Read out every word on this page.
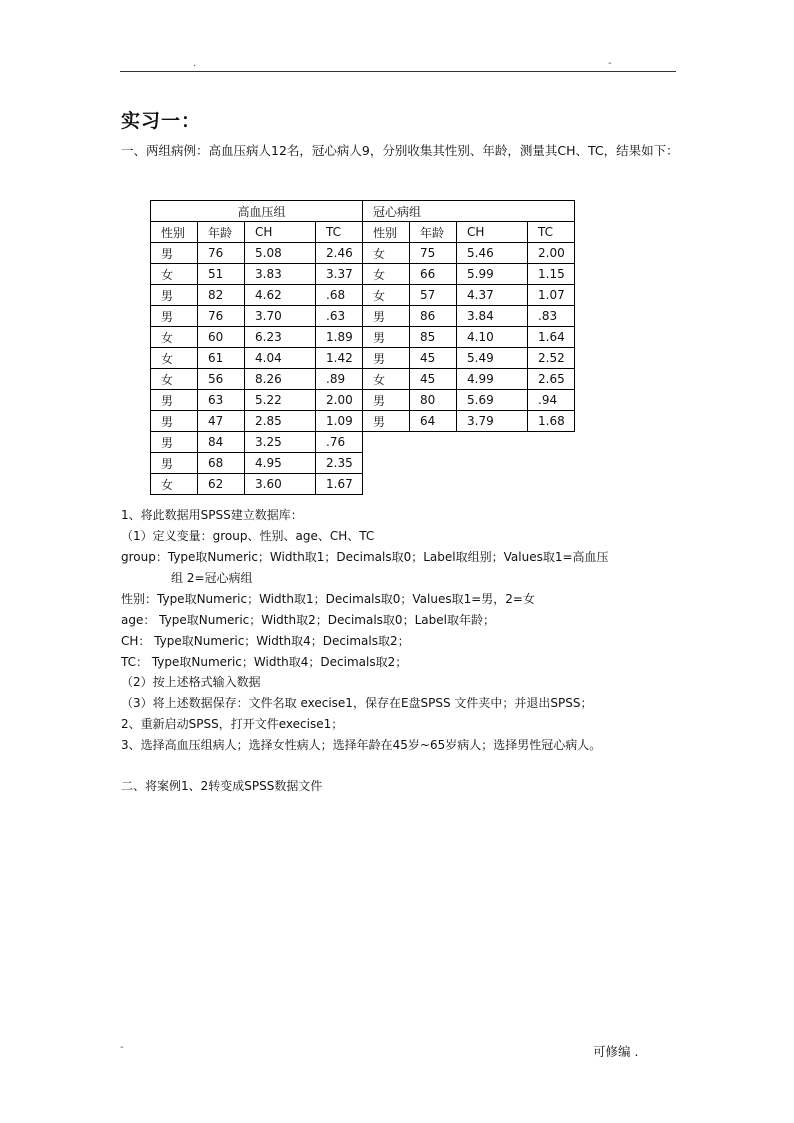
.	-
实习一：
一、两组病例：高血压病人12名，冠心病人9，分别收集其性别、年龄，测量其CH、TC，结果如下：
高血压组				冠心病组			
性别	年龄	CH	TC	性别	年龄	CH	TC
男	76	5.08	2.46	女	75	5.46	2.00
女	51	3.83	3.37	女	66	5.99	1.15
男	82	4.62	.68	女	57	4.37	1.07
男	76	3.70	.63	男	86	3.84	.83
女	60	6.23	1.89	男	85	4.10	1.64
女	61	4.04	1.42	男	45	5.49	2.52
女	56	8.26	.89	女	45	4.99	2.65
男	63	5.22	2.00	男	80	5.69	.94
男	47	2.85	1.09	男	64	3.79	1.68
男	84	3.25	.76				
男	68	4.95	2.35				
女	62	3.60	1.67				
1、将此数据用SPSS建立数据库：
（1）定义变量：group、性别、age、CH、TC
group：Type取Numeric；Width取1；Decimals取0；Label取组别；Values取1=高血压
组 2=冠心病组
性别：Type取Numeric；Width取1；Decimals取0；Values取1=男，2=女
age： Type取Numeric；Width取2；Decimals取0；Label取年龄；
CH： Type取Numeric；Width取4；Decimals取2；
TC： Type取Numeric；Width取4；Decimals取2；
（2）按上述格式输入数据
（3）将上述数据保存：文件名取 execise1，保存在E盘SPSS 文件夹中；并退出SPSS；
2、重新启动SPSS，打开文件execise1；
3、选择高血压组病人；选择女性病人；选择年龄在45岁~65岁病人；选择男性冠心病人。
二、将案例1、2转变成SPSS数据文件
-	可修编 .
